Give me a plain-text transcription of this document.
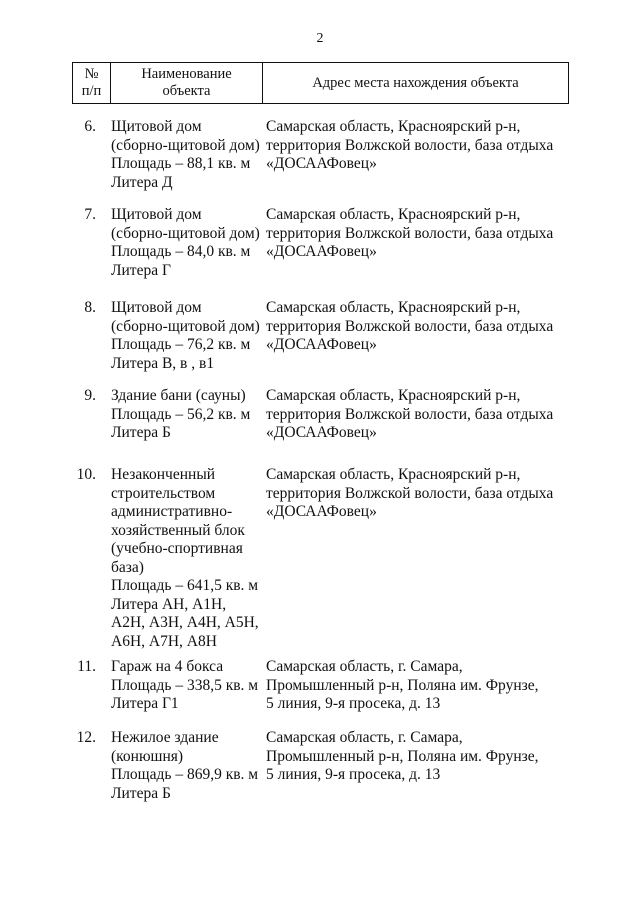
2
№
п/п
Наименование
объекта
Адрес места нахождения объекта
6. Щитовой дом
(сборно-щитовой дом)
Площадь – 88,1 кв. м
Литера Д
Самарская область, Красноярский р-н,
территория Волжской волости, база отдыха
«ДОСААФовец»
7. Щитовой дом
(сборно-щитовой дом)
Площадь – 84,0 кв. м
Литера Г
Самарская область, Красноярский р-н,
территория Волжской волости, база отдыха
«ДОСААФовец»
8. Щитовой дом
(сборно-щитовой дом)
Площадь – 76,2 кв. м
Литера В, в , в1
Самарская область, Красноярский р-н,
территория Волжской волости, база отдыха
«ДОСААФовец»
9. Здание бани (сауны)
Площадь – 56,2 кв. м
Литера Б
Самарская область, Красноярский р-н,
территория Волжской волости, база отдыха
«ДОСААФовец»
10. Незаконченный
строительством
административно-
хозяйственный блок
(учебно-спортивная
база)
Площадь – 641,5 кв. м
Литера АН, А1Н,
А2Н, А3Н, А4Н, А5Н,
А6Н, А7Н, А8Н
Самарская область, Красноярский р-н,
территория Волжской волости, база отдыха
«ДОСААФовец»
11. Гараж на 4 бокса
Площадь – 338,5 кв. м
Литера Г1
Самарская область, г. Самара,
Промышленный р-н, Поляна им. Фрунзе,
5 линия, 9-я просека, д. 13
12. Нежилое здание
(конюшня)
Площадь – 869,9 кв. м
Литера Б
Самарская область, г. Самара,
Промышленный р-н, Поляна им. Фрунзе,
5 линия, 9-я просека, д. 13
